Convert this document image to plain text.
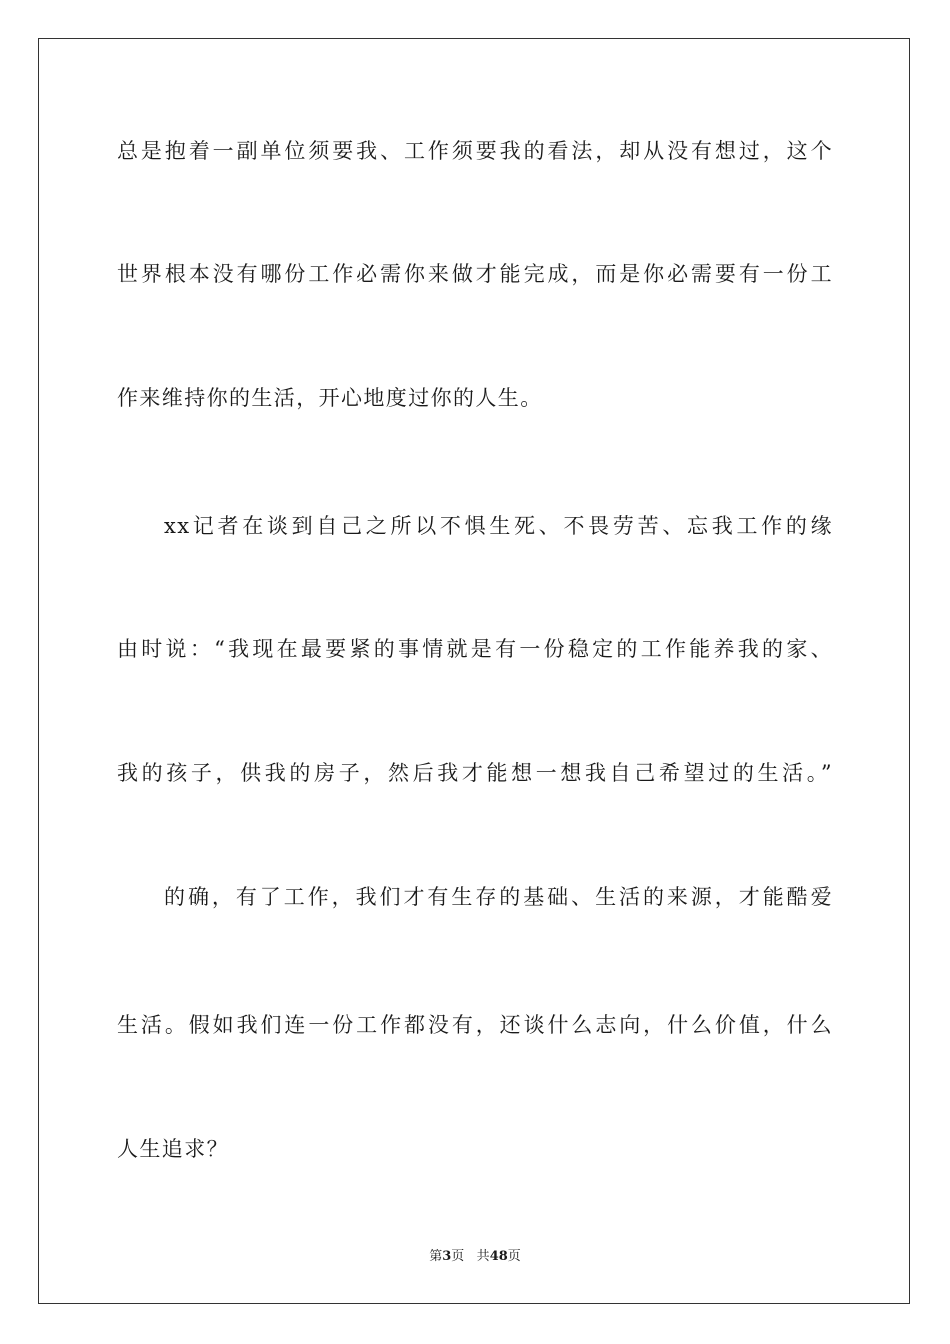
总是抱着一副单位须要我、工作须要我的看法，却从没有想过，这个
世界根本没有哪份工作必需你来做才能完成，而是你必需要有一份工
作来维持你的生活，开心地度过你的人生。
xx记者在谈到自己之所以不惧生死、不畏劳苦、忘我工作的缘
由时说：“我现在最要紧的事情就是有一份稳定的工作能养我的家、
我的孩子，供我的房子，然后我才能想一想我自己希望过的生活。”
的确，有了工作，我们才有生存的基础、生活的来源，才能酷爱
生活。假如我们连一份工作都没有，还谈什么志向，什么价值，什么
人生追求？
第3页 共48页
